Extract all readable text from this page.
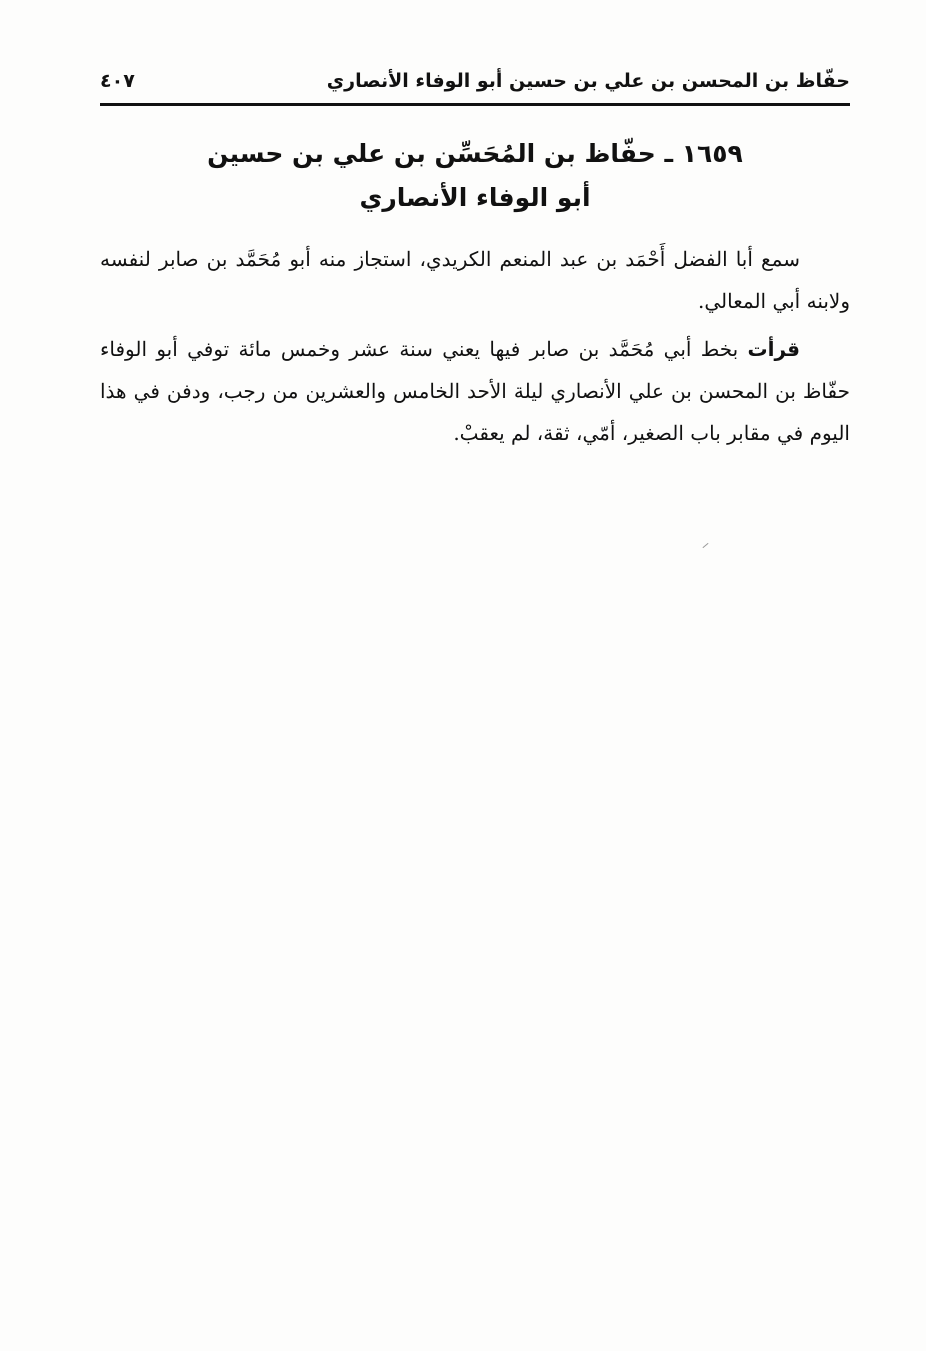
حفّاظ بن المحسن بن علي بن حسين أبو الوفاء الأنصاري
٤٠٧
١٦٥٩ ـ حفّاظ بن المُحَسِّن بن علي بن حسين
أبو الوفاء الأنصاري

سمع أبا الفضل أَحْمَد بن عبد المنعم الكريدي، استجاز منه أبو مُحَمَّد بن صابر لنفسه ولابنه أبي المعالي.

قرأت بخط أبي مُحَمَّد بن صابر فيها يعني سنة عشر وخمس مائة توفي أبو الوفاء حفّاظ بن المحسن بن علي الأنصاري ليلة الأحد الخامس والعشرين من رجب، ودفن في هذا اليوم في مقابر باب الصغير، أمّي، ثقة، لم يعقبْ.
